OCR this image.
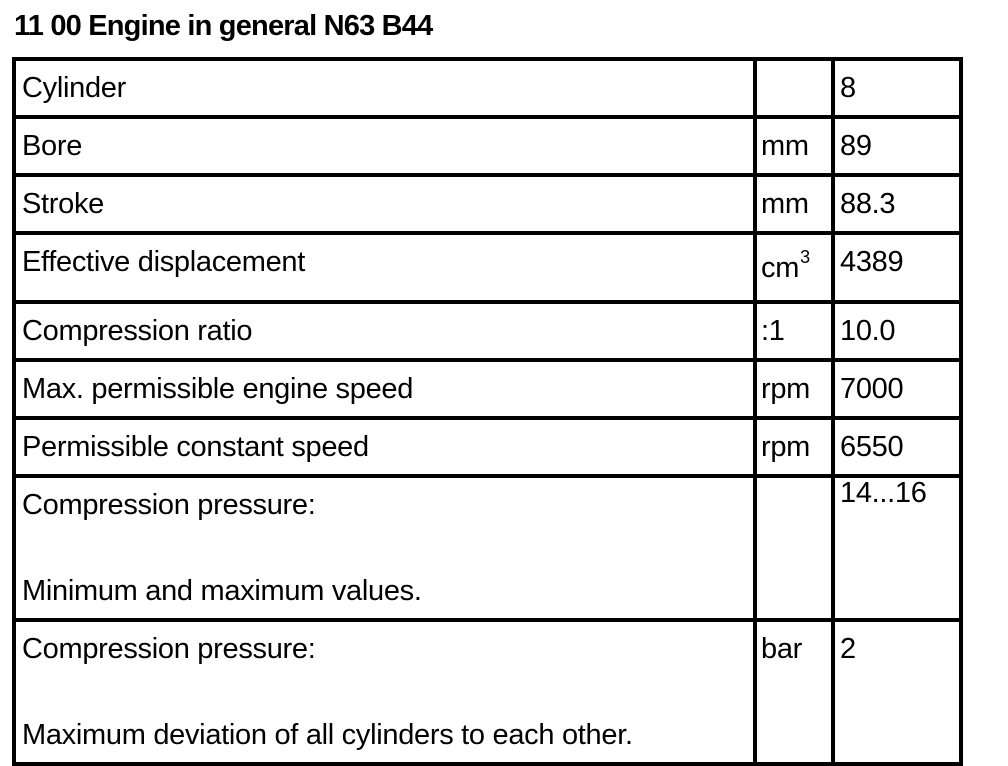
11 00 Engine in general N63 B44
Cylinder		8
Bore	mm	89
Stroke	mm	88.3
Effective displacement	$cm^3$	4389
Compression ratio	:1	10.0
Max. permissible engine speed	rpm	7000
Permissible constant speed	rpm	6550
Compression pressure:
Minimum and maximum values.		14...16
Compression pressure:
Maximum deviation of all cylinders to each other.	bar	2
